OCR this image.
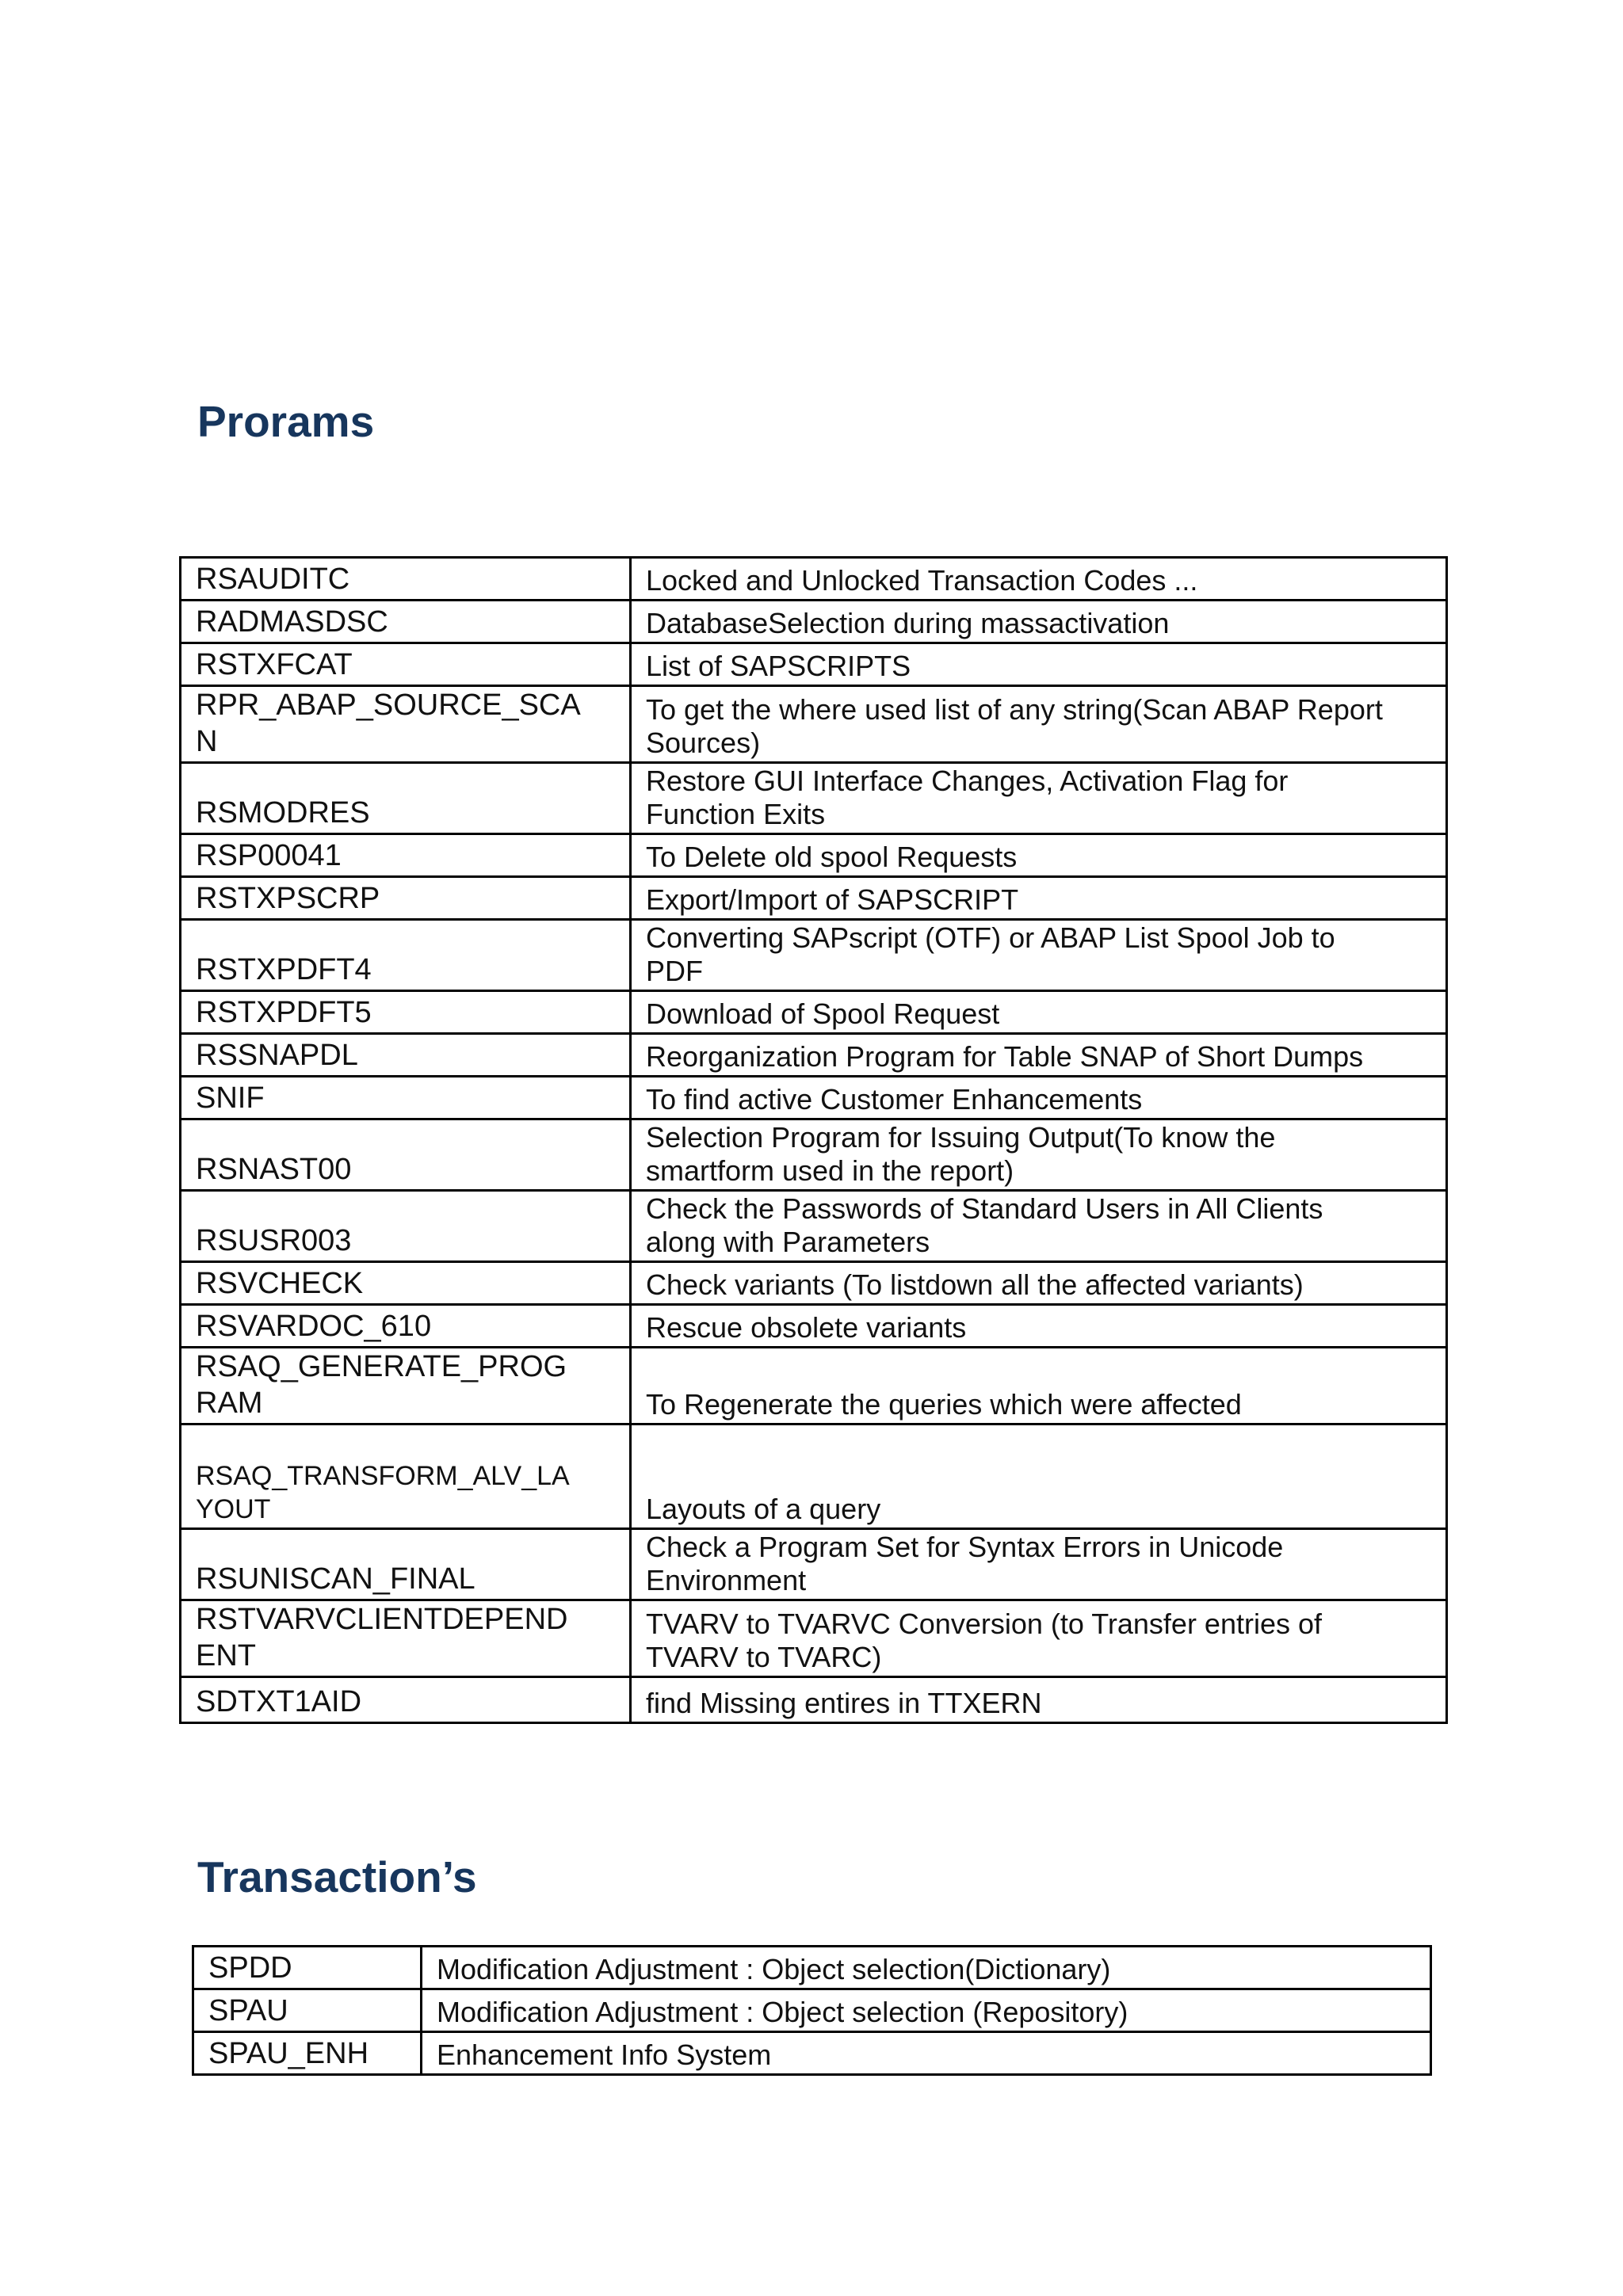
Prorams
RSAUDITC	Locked and Unlocked Transaction Codes ...
RADMASDSC	DatabaseSelection during massactivation
RSTXFCAT	List of SAPSCRIPTS
RPR_ABAP_SOURCE_SCA
N	To get the where used list of any string(Scan ABAP Report
Sources)
RSMODRES	Restore GUI Interface Changes, Activation Flag for
Function Exits
RSP00041	To Delete old spool Requests
RSTXPSCRP	Export/Import of SAPSCRIPT
RSTXPDFT4	Converting SAPscript (OTF) or ABAP List Spool Job to
PDF
RSTXPDFT5	Download of Spool Request
RSSNAPDL	Reorganization Program for Table SNAP of Short Dumps
SNIF	To find active Customer Enhancements
RSNAST00	Selection Program for Issuing Output(To know the
smartform used in the report)
RSUSR003	Check the Passwords of Standard Users in All Clients
along with Parameters
RSVCHECK	Check variants (To listdown all the affected variants)
RSVARDOC_610	Rescue obsolete variants
RSAQ_GENERATE_PROG
RAM	To Regenerate the queries which were affected
RSAQ_TRANSFORM_ALV_LA
YOUT	Layouts of a query
RSUNISCAN_FINAL	Check a Program Set for Syntax Errors in Unicode
Environment
RSTVARVCLIENTDEPEND
ENT	TVARV to TVARVC Conversion (to Transfer entries of
TVARV to TVARC)
SDTXT1AID	find Missing entires in TTXERN
Transaction’s
SPDD	Modification Adjustment : Object selection(Dictionary)
SPAU	Modification Adjustment : Object selection (Repository)
SPAU_ENH	Enhancement Info System
